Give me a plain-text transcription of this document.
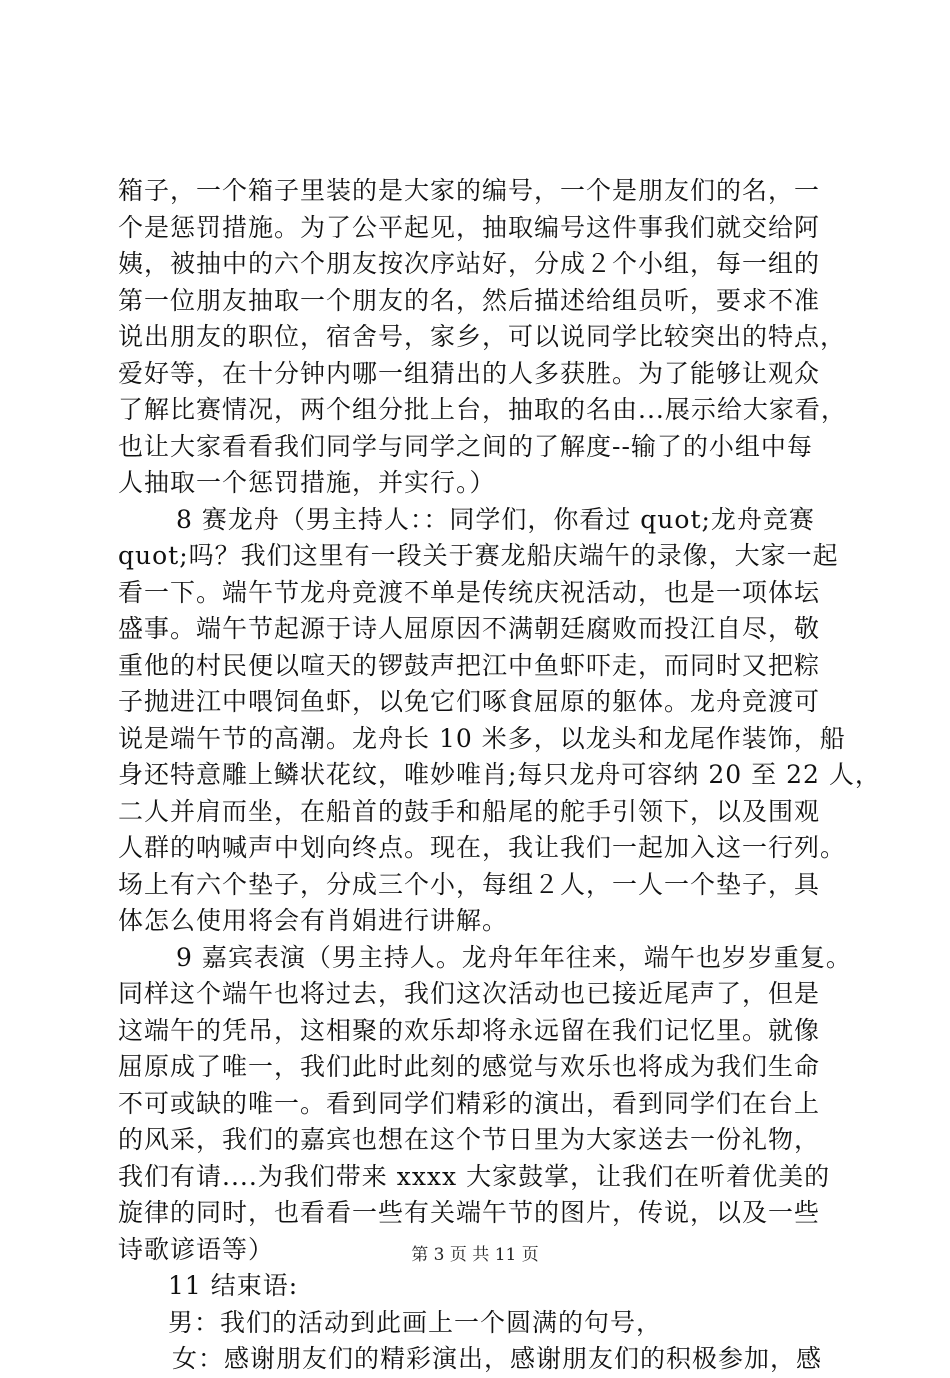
箱子，一个箱子里装的是大家的编号，一个是朋友们的名，一
个是惩罚措施。为了公平起见，抽取编号这件事我们就交给阿
姨，被抽中的六个朋友按次序站好，分成２个小组，每一组的
第一位朋友抽取一个朋友的名，然后描述给组员听，要求不准
说出朋友的职位，宿舍号，家乡，可以说同学比较突出的特点，
爱好等，在十分钟内哪一组猜出的人多获胜。为了能够让观众
了解比赛情况，两个组分批上台，抽取的名由...展示给大家看，
也让大家看看我们同学与同学之间的了解度--输了的小组中每
人抽取一个惩罚措施，并实行。）
8 赛龙舟（男主持人：：同学们，你看过 quot;龙舟竞赛
quot;吗？我们这里有一段关于赛龙船庆端午的录像，大家一起
看一下。端午节龙舟竞渡不单是传统庆祝活动，也是一项体坛
盛事。端午节起源于诗人屈原因不满朝廷腐败而投江自尽，敬
重他的村民便以喧天的锣鼓声把江中鱼虾吓走，而同时又把粽
子抛进江中喂饲鱼虾，以免它们啄食屈原的躯体。龙舟竞渡可
说是端午节的高潮。龙舟长 10 米多，以龙头和龙尾作装饰，船
身还特意雕上鳞状花纹，唯妙唯肖;每只龙舟可容纳 20 至 22 人，
二人并肩而坐，在船首的鼓手和船尾的舵手引领下，以及围观
人群的呐喊声中划向终点。现在，我让我们一起加入这一行列。
场上有六个垫子，分成三个小，每组２人，一人一个垫子，具
体怎么使用将会有肖娟进行讲解。
9 嘉宾表演（男主持人。龙舟年年往来，端午也岁岁重复。
同样这个端午也将过去，我们这次活动也已接近尾声了，但是
这端午的凭吊，这相聚的欢乐却将永远留在我们记忆里。就像
屈原成了唯一，我们此时此刻的感觉与欢乐也将成为我们生命
不可或缺的唯一。看到同学们精彩的演出，看到同学们在台上
的风采，我们的嘉宾也想在这个节日里为大家送去一份礼物，
我们有请....为我们带来 xxxx 大家鼓掌，让我们在听着优美的
旋律的同时，也看看一些有关端午节的图片，传说，以及一些
诗歌谚语等）
11 结束语:
男：我们的活动到此画上一个圆满的句号，
女：感谢朋友们的精彩演出，感谢朋友们的积极参加，感
第 3 页 共 11 页
